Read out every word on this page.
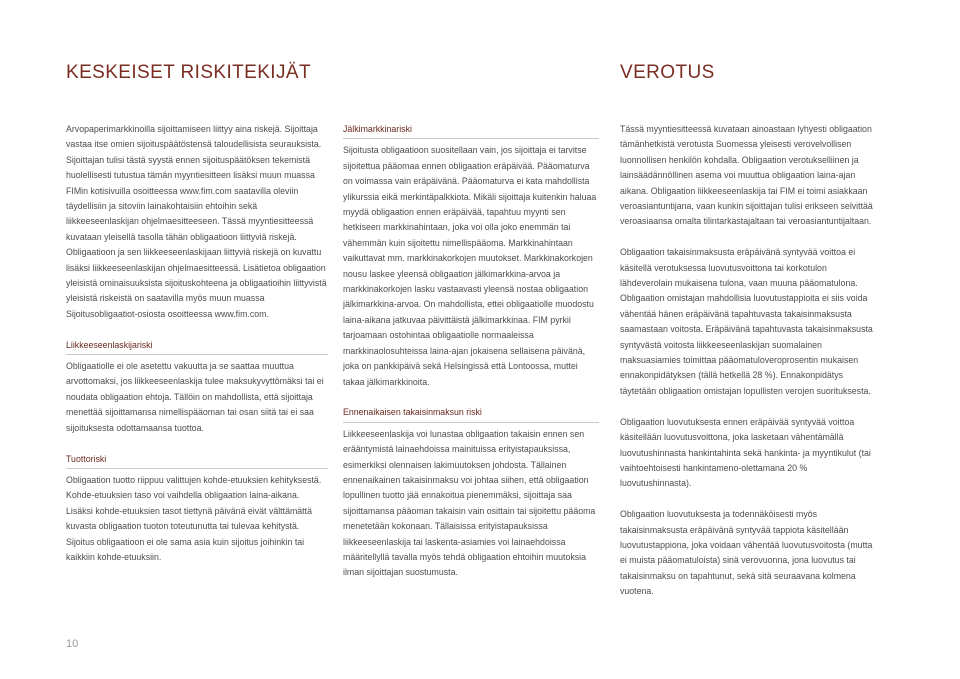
KESKEISET RISKITEKIJÄT	VEROTUS

Arvopaperimarkkinoilla sijoittamiseen liittyy aina riskejä. Sijoittaja vastaa itse omien sijoituspäätöstensä taloudellisista seurauksista. Sijoittajan tulisi tästä syystä ennen sijoituspäätöksen tekemistä huolellisesti tutustua tämän myyntiesitteen lisäksi muun muassa FIMin kotisivuilla osoitteessa www.fim.com saatavilla oleviin täydellisiin ja sitoviin lainakohtaisiin ehtoihin sekä liikkeeseenlaskijan ohjelmaesitteeseen. Tässä myyntiesitteessä kuvataan yleisellä tasolla tähän obligaatioon liittyviä riskejä. Obligaatioon ja sen liikkeeseenlaskijaan liittyviä riskejä on kuvattu lisäksi liikkeeseenlaskijan ohjelmaesitteessä. Lisätietoa obligaation yleisistä ominaisuuksista sijoituskohteena ja obligaatioihin liittyvistä yleisistä riskeistä on saatavilla myös muun muassa Sijoitusobligaatiot-osiosta osoitteessa www.fim.com.

Liikkeeseenlaskijariski

Obligaatiolle ei ole asetettu vakuutta ja se saattaa muuttua arvottomaksi, jos liikkeeseenlaskija tulee maksukyvyttömäksi tai ei noudata obligaation ehtoja. Tällöin on mahdollista, että sijoittaja menettää sijoittamansa nimellispääoman tai osan siitä tai ei saa sijoituksesta odottamaansa tuottoa.

Tuottoriski

Obligaation tuotto riippuu valittujen kohde-etuuksien kehityksestä. Kohde-etuuksien taso voi vaihdella obligaation laina-aikana. Lisäksi kohde-etuuksien tasot tiettynä päivänä eivät välttämättä kuvasta obligaation tuoton toteutunutta tai tulevaa kehitystä. Sijoitus obligaatioon ei ole sama asia kuin sijoitus joihinkin tai kaikkiin kohde-etuuksiin.

Jälkimarkkinariski

Sijoitusta obligaatioon suositellaan vain, jos sijoittaja ei tarvitse sijoitettua pääomaa ennen obligaation eräpäivää. Pääomaturva on voimassa vain eräpäivänä. Pääomaturva ei kata mahdollista ylikurssia eikä merkintäpalkkiota. Mikäli sijoittaja kuitenkin haluaa myydä obligaation ennen eräpäivää, tapahtuu myynti sen hetkiseen markkinahintaan, joka voi olla joko enemmän tai vähemmän kuin sijoitettu nimellispääoma. Markkinahintaan vaikuttavat mm. markkinakorkojen muutokset. Markkinakorkojen nousu laskee yleensä obligaation jälkimarkkina-arvoa ja markkinakorkojen lasku vastaavasti yleensä nostaa obligaation jälkimarkkina-arvoa. On mahdollista, ettei obligaatiolle muodostu laina-aikana jatkuvaa päivittäistä jälkimarkkinaa. FIM pyrkii tarjoamaan ostohintaa obligaatiolle normaaleissa markkinaolosuhteissa laina-ajan jokaisena sellaisena päivänä, joka on pankkipäivä sekä Helsingissä että Lontoossa, muttei takaa jälkimarkkinoita.

Ennenaikaisen takaisinmaksun riski

Liikkeeseenlaskija voi lunastaa obligaation takaisin ennen sen erääntymistä lainaehdoissa mainituissa erityistapauksissa, esimerkiksi olennaisen lakimuutoksen johdosta. Tällainen ennenaikainen takaisinmaksu voi johtaa siihen, että obligaation lopullinen tuotto jää ennakoitua pienemmäksi, sijoittaja saa sijoittamansa pääoman takaisin vain osittain tai sijoitettu pääoma menetetään kokonaan. Tällaisissa erityistapauksissa liikkeeseenlaskija tai laskenta-asiamies voi lainaehdoissa määritellyllä tavalla myös tehdä obligaation ehtoihin muutoksia ilman sijoittajan suostumusta.

Tässä myyntiesitteessä kuvataan ainoastaan lyhyesti obligaation tämänhetkistä verotusta Suomessa yleisesti verovelvollisen luonnollisen henkilön kohdalla. Obligaation verotukselliinen ja lainsäädännöllinen asema voi muuttua obligaation laina-ajan aikana. Obligaation liikkeeseenlaskija tai FIM ei toimi asiakkaan veroasiantuntijana, vaan kunkin sijoittajan tulisi erikseen selvittää veroasiaansa omalta tilintarkastajaltaan tai veroasiantuntijaltaan.

Obligaation takaisinmaksusta eräpäivänä syntyvää voittoa ei käsitellä verotuksessa luovutusvoittona tai korkotulon lähdeverolain mukaisena tulona, vaan muuna pääomatulona. Obligaation omistajan mahdollisia luovutustappioita ei siis voida vähentää hänen eräpäivänä tapahtuvasta takaisinmaksusta saamastaan voitosta. Eräpäivänä tapahtuvasta takaisinmaksusta syntyvästä voitosta liikkeeseenlaskijan suomalainen maksuasiamies toimittaa pääomatuloveroprosentin mukaisen ennakonpidätyksen (tällä hetkellä 28 %). Ennakonpidätys täytetään obligaation omistajan lopullisten verojen suorituksesta.

Obligaation luovutuksesta ennen eräpäivää syntyvää voittoa käsitellään luovutusvoittona, joka lasketaan vähentämällä luovutushinnasta hankintahinta sekä hankinta- ja myyntikulut (tai vaihtoehtoisesti hankintameno-olettamana 20 % luovutushinnasta).

Obligaation luovutuksesta ja todennäköisesti myös takaisinmaksusta eräpäivänä syntyvää tappiota käsitellään luovutustappiona, joka voidaan vähentää luovutusvoitosta (mutta ei muista pääomatuloista) sinä verovuonna, jona luovutus tai takaisinmaksu on tapahtunut, sekä sitä seuraavana kolmena vuotena.

10
